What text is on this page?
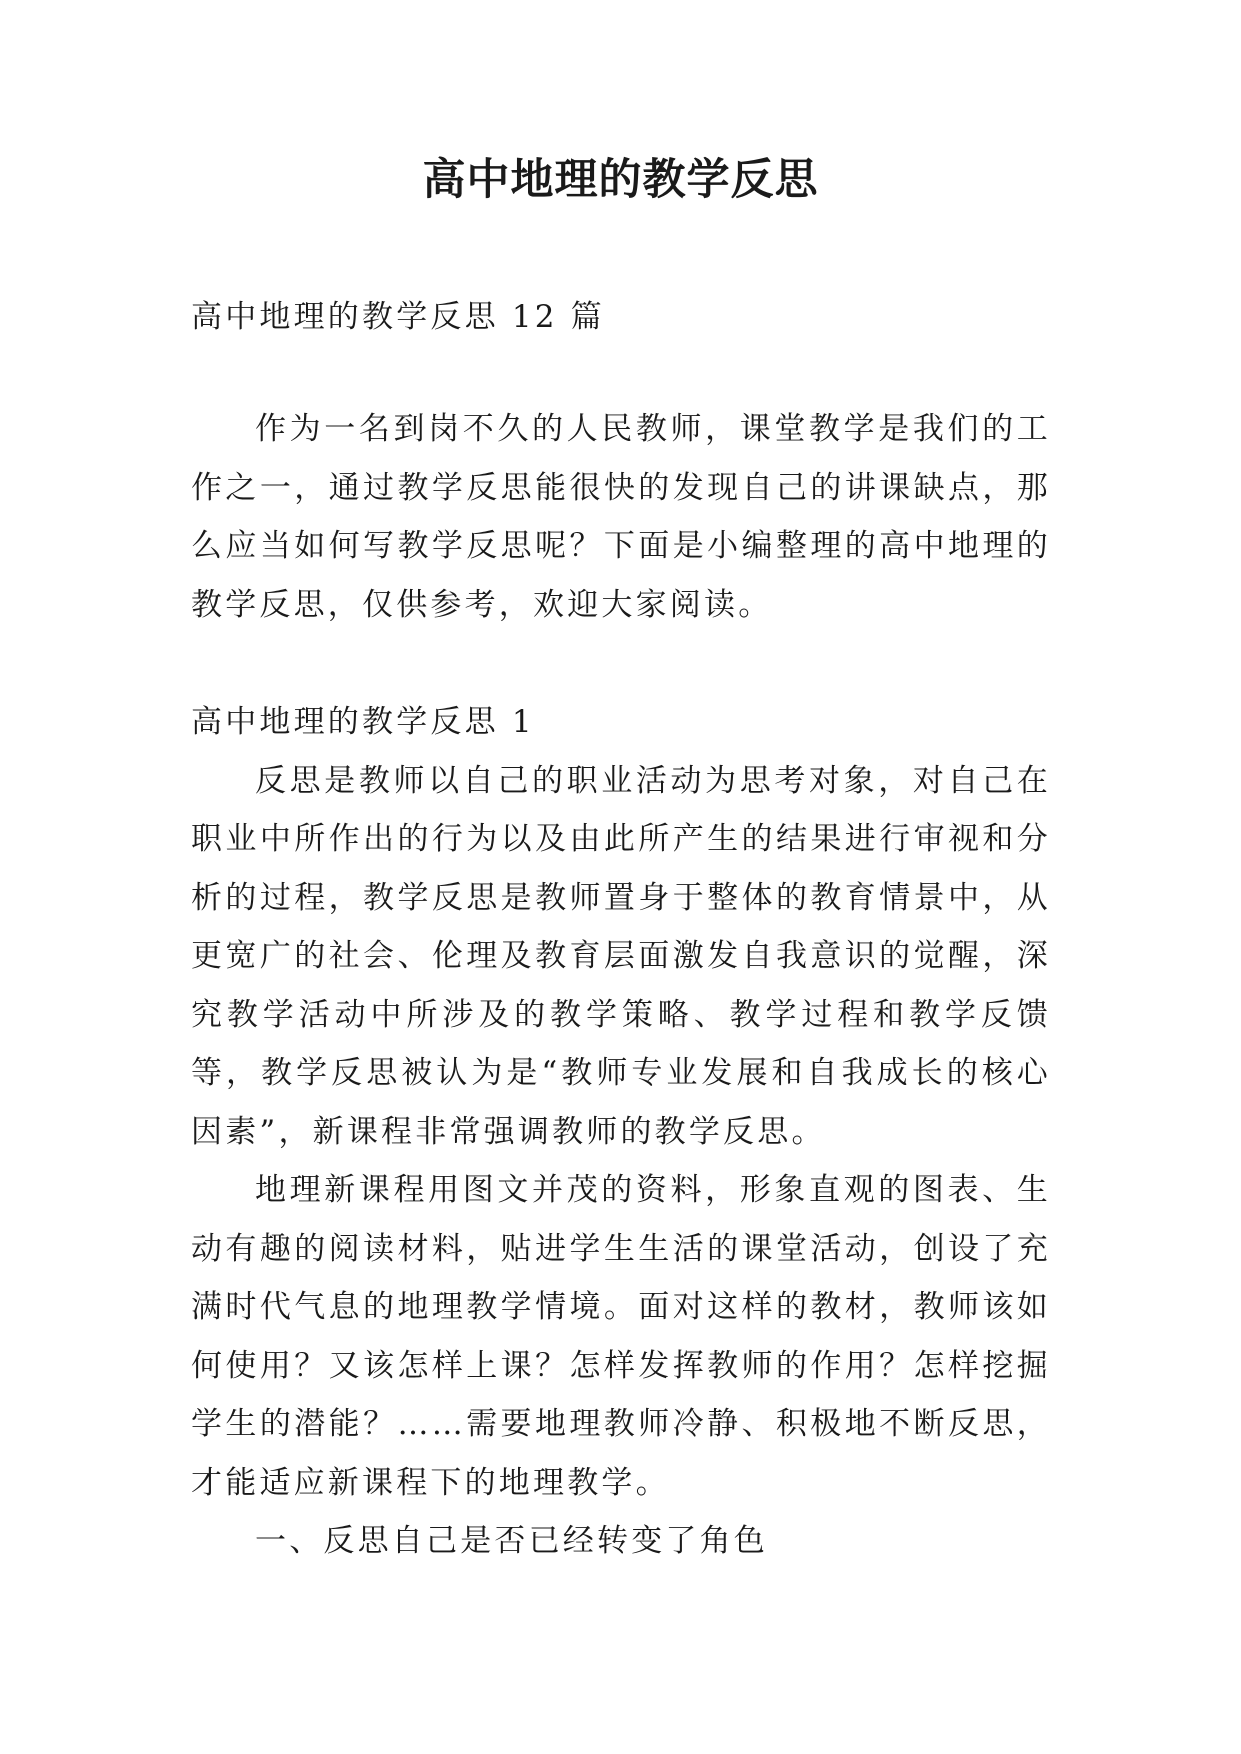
高中地理的教学反思

高中地理的教学反思 12 篇

作为一名到岗不久的人民教师，课堂教学是我们的工作之一，通过教学反思能很快的发现自己的讲课缺点，那么应当如何写教学反思呢？下面是小编整理的高中地理的教学反思，仅供参考，欢迎大家阅读。

高中地理的教学反思 1

反思是教师以自己的职业活动为思考对象，对自己在职业中所作出的行为以及由此所产生的结果进行审视和分析的过程，教学反思是教师置身于整体的教育情景中，从更宽广的社会、伦理及教育层面激发自我意识的觉醒，深究教学活动中所涉及的教学策略、教学过程和教学反馈等，教学反思被认为是“教师专业发展和自我成长的核心因素”，新课程非常强调教师的教学反思。

地理新课程用图文并茂的资料，形象直观的图表、生动有趣的阅读材料，贴进学生生活的课堂活动，创设了充满时代气息的地理教学情境。面对这样的教材，教师该如何使用？又该怎样上课？怎样发挥教师的作用？怎样挖掘学生的潜能？……需要地理教师冷静、积极地不断反思，才能适应新课程下的地理教学。

一、反思自己是否已经转变了角色
